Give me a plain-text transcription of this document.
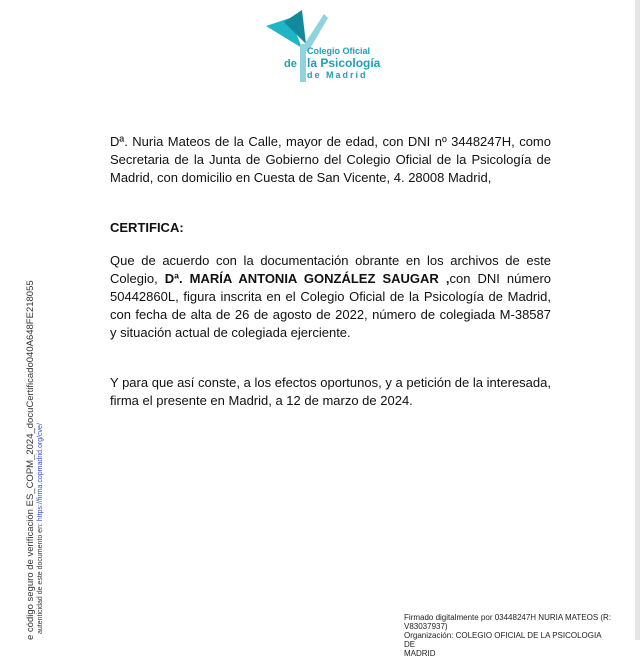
Colegio Oficial
de la Psicología
de Madrid
Dª. Nuria Mateos de la Calle, mayor de edad, con DNI nº 3448247H, como
Secretaria de la Junta de Gobierno del Colegio Oficial de la Psicología de
Madrid, con domicilio en Cuesta de San Vicente, 4. 28008 Madrid,
CERTIFICA:
Que de acuerdo con la documentación obrante en los archivos de este
Colegio, Dª. MARÍA ANTONIA GONZÁLEZ SAUGAR ,con DNI número
50442860L, figura inscrita en el Colegio Oficial de la Psicología de Madrid,
con fecha de alta de 26 de agosto de 2022, número de colegiada M-38587
y situación actual de colegiada ejerciente.
Y para que así conste, a los efectos oportunos, y a petición de la interesada,
firma el presente en Madrid, a 12 de marzo de 2024.
e código seguro de verificación ES_COPM_2024_docuCertificado040A648FE218055 autenticidad de este documento en: https://firma.copmadrid.org/cve/
Firmado digitalmente por 03448247H NURIA MATEOS (R:
V83037937)
Organización: COLEGIO OFICIAL DE LA PSICOLOGIA DE
MADRID
